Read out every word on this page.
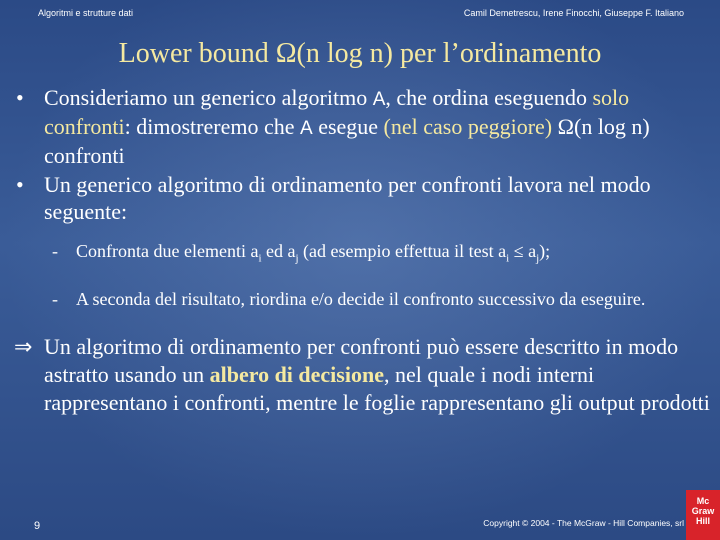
Algoritmi e strutture dati	Camil Demetrescu, Irene Finocchi, Giuseppe F. Italiano
Lower bound Ω(n log n) per l’ordinamento
• Consideriamo un generico algoritmo A, che ordina eseguendo solo confronti: dimostreremo che A esegue (nel caso peggiore) Ω(n log n) confronti
• Un generico algoritmo di ordinamento per confronti lavora nel modo seguente:
- Confronta due elementi $a_i$ ed $a_j$ (ad esempio effettua il test $a_i \le a_j$);
- A seconda del risultato, riordina e/o decide il confronto successivo da eseguire.
⇒ Un algoritmo di ordinamento per confronti può essere descritto in modo astratto usando un albero di decisione, nel quale i nodi interni rappresentano i confronti, mentre le foglie rappresentano gli output prodotti
9	Copyright © 2004 - The McGraw - Hill Companies, srl
Mc
Graw
Hill
